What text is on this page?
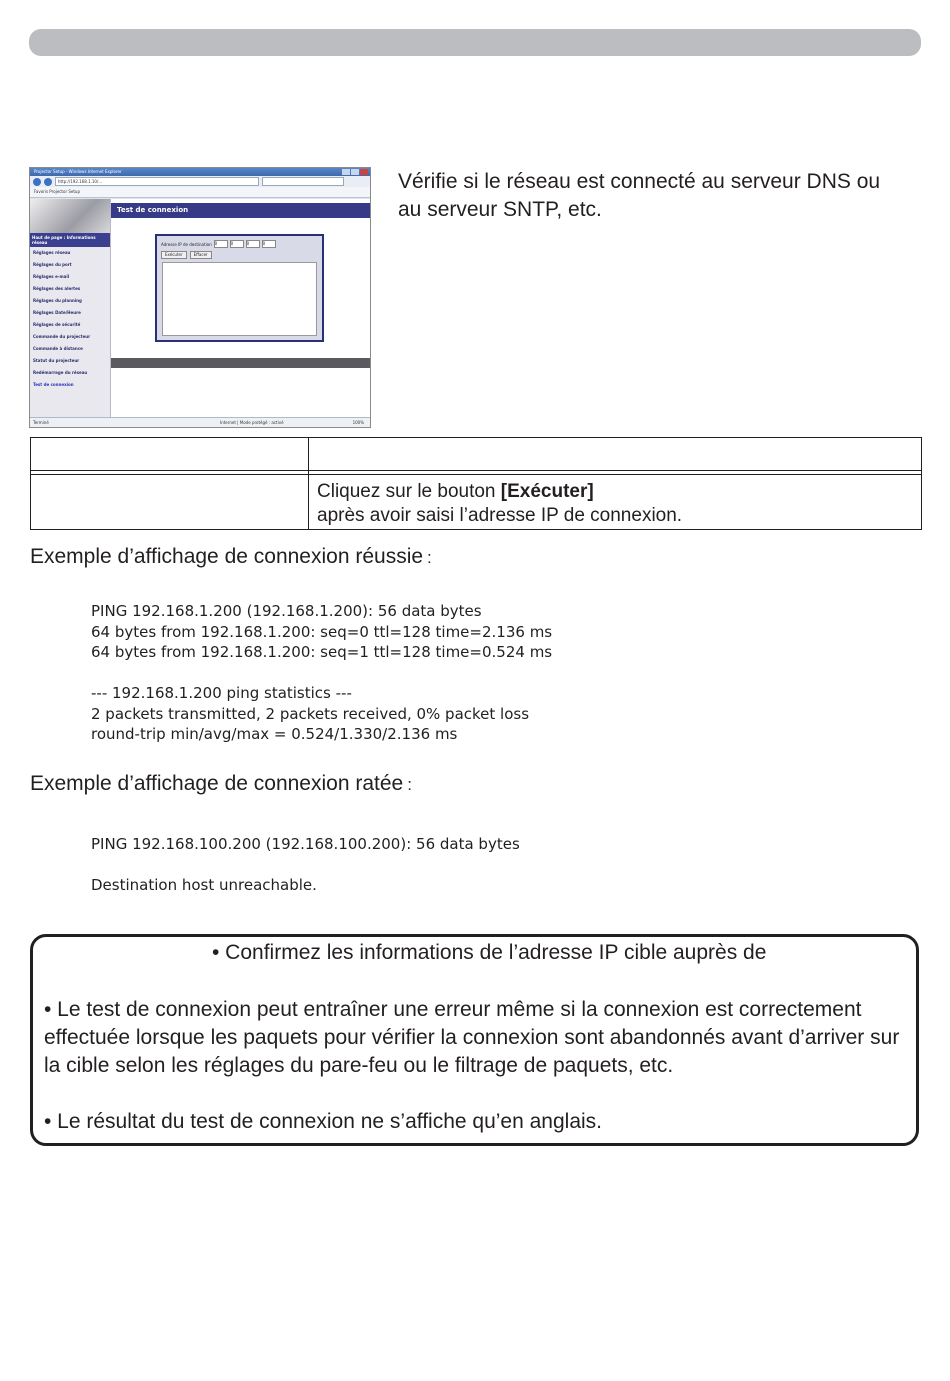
Projector Setup - Windows Internet Explorer
http://192.168.1.10/...
Favoris Projector Setup
Haut de page : Informations réseau
Réglages réseau
Réglages du port
Réglages e-mail
Réglages des alertes
Réglages du planning
Réglages Date/Heure
Réglages de sécurité
Commande du projecteur
Commande à distance
Statut du projecteur
Redémarrage du réseau
Test de connexion
Test de connexion
Adresse IP de destination 0	0	0	0
Exécuter	Effacer
Terminé	Internet | Mode protégé : activé	100%
Vérifie si le réseau est connecté au serveur DNS ou au serveur SNTP, etc.
Cliquez sur le bouton [Exécuter]
après avoir saisi l’adresse IP de connexion.
Exemple d’affichage de connexion réussie :
PING 192.168.1.200 (192.168.1.200): 56 data bytes
64 bytes from 192.168.1.200: seq=0 ttl=128 time=2.136 ms
64 bytes from 192.168.1.200: seq=1 ttl=128 time=0.524 ms
--- 192.168.1.200 ping statistics ---
2 packets transmitted, 2 packets received, 0% packet loss
round-trip min/avg/max = 0.524/1.330/2.136 ms
Exemple d’affichage de connexion ratée :
PING 192.168.100.200 (192.168.100.200): 56 data bytes
Destination host unreachable.

• Confirmez les informations de l’adresse IP cible auprès de

• Le test de connexion peut entraîner une erreur même si la connexion est correctement effectuée lorsque les paquets pour vérifier la connexion sont abandonnés avant d’arriver sur la cible selon les réglages du pare-feu ou le filtrage de paquets, etc.

• Le résultat du test de connexion ne s’affiche qu’en anglais.
